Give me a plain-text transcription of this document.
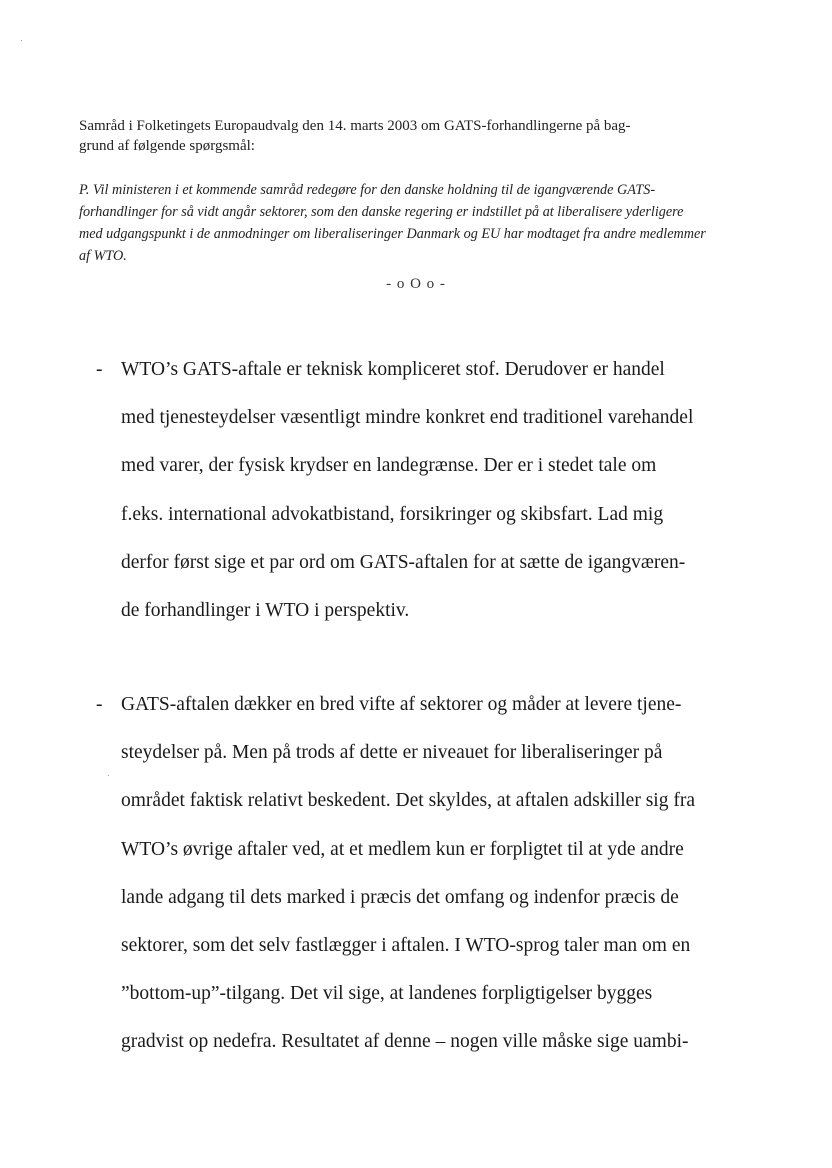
Samråd i Folketingets Europaudvalg den 14. marts 2003 om GATS-forhandlingerne på bag-
grund af følgende spørgsmål:
P. Vil ministeren i et kommende samråd redegøre for den danske holdning til de igangværende GATS-
forhandlinger for så vidt angår sektorer, som den danske regering er indstillet på at liberalisere yderligere
med udgangspunkt i de anmodninger om liberaliseringer Danmark og EU har modtaget fra andre medlemmer
af WTO.
- o O o -
- WTO’s GATS-aftale er teknisk kompliceret stof. Derudover er handel
med tjenesteydelser væsentligt mindre konkret end traditionel varehandel
med varer, der fysisk krydser en landegrænse. Der er i stedet tale om
f.eks. international advokatbistand, forsikringer og skibsfart. Lad mig
derfor først sige et par ord om GATS-aftalen for at sætte de igangværen-
de forhandlinger i WTO i perspektiv.
- GATS-aftalen dækker en bred vifte af sektorer og måder at levere tjene-
steydelser på. Men på trods af dette er niveauet for liberaliseringer på
området faktisk relativt beskedent. Det skyldes, at aftalen adskiller sig fra
WTO’s øvrige aftaler ved, at et medlem kun er forpligtet til at yde andre
lande adgang til dets marked i præcis det omfang og indenfor præcis de
sektorer, som det selv fastlægger i aftalen. I WTO-sprog taler man om en
”bottom-up”-tilgang. Det vil sige, at landenes forpligtigelser bygges
gradvist op nedefra. Resultatet af denne – nogen ville måske sige uambi-
